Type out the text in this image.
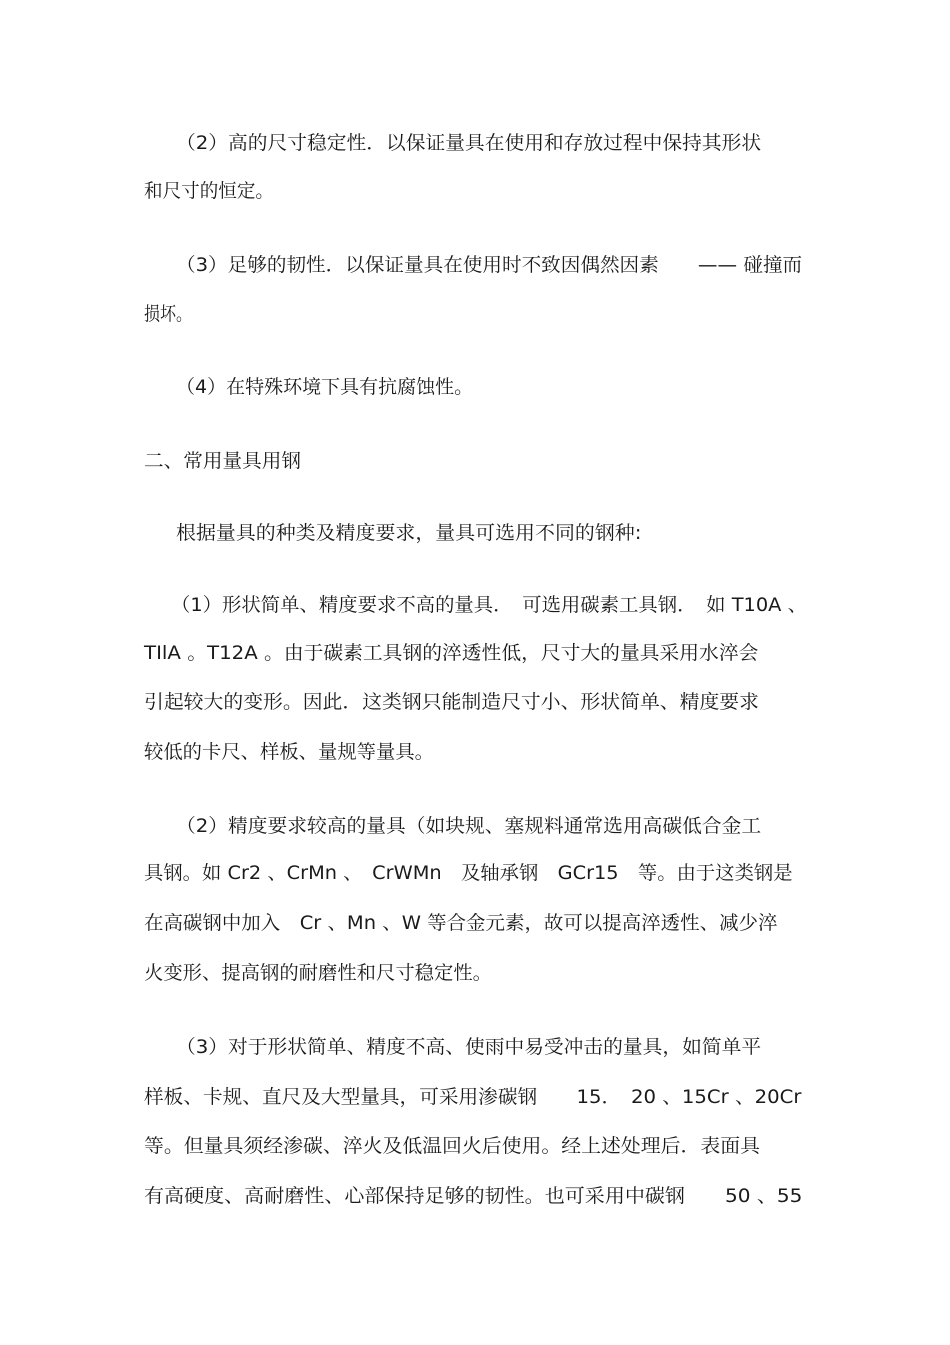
（2）高的尺寸稳定性．以保证量具在使用和存放过程中保持其形状
和尺寸的恒定。
（3）足够的韧性．以保证量具在使用时不致因偶然因素　　—— 碰撞而
损坏。
（4）在特殊环境下具有抗腐蚀性。
二、常用量具用钢
根据量具的种类及精度要求，量具可选用不同的钢种:
（1）形状简单、精度要求不高的量具．　可选用碳素工具钢．　如 T10A 、
TIlA 。T12A 。由于碳素工具钢的淬透性低，尺寸大的量具采用水淬会
引起较大的变形。因此．这类钢只能制造尺寸小、形状简单、精度要求
较低的卡尺、样板、量规等量具。
（2）精度要求较高的量具（如块规、塞规料通常选用高碳低合金工
具钢。如 Cr2 、CrMn 、　CrWMn　及轴承钢　GCr15　等。由于这类钢是
在高碳钢中加入　Cr 、Mn 、W 等合金元素，故可以提高淬透性、减少淬
火变形、提高钢的耐磨性和尺寸稳定性。
（3）对于形状简单、精度不高、使雨中易受冲击的量具，如简单平
样板、卡规、直尺及大型量具，可采用渗碳钢　　15．　20 、15Cr 、20Cr
等。但量具须经渗碳、淬火及低温回火后使用。经上述处理后．表面具
有高硬度、高耐磨性、心部保持足够的韧性。也可采用中碳钢　　50 、55
